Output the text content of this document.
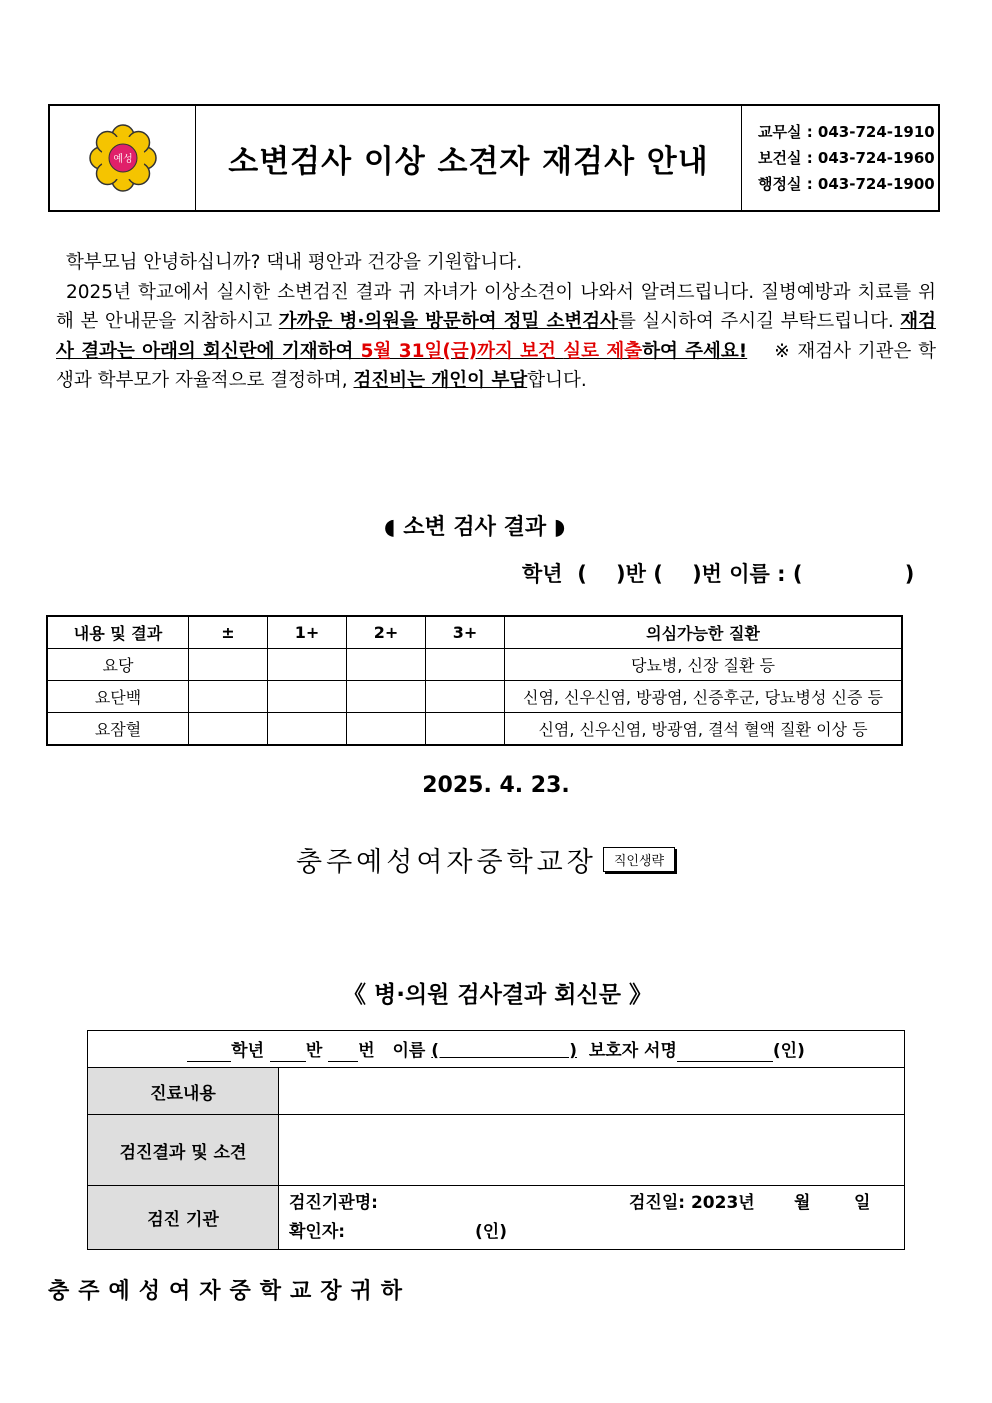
예성	소변검사 이상 소견자 재검사 안내
교무실 : 043-724-1910
보건실 : 043-724-1960
행정실 : 043-724-1900

학부모님 안녕하십니까? 댁내 평안과 건강을 기원합니다.

2025년 학교에서 실시한 소변검진 결과 귀 자녀가 이상소견이 나와서 알려드립니다. 질병예방과 치료를 위해 본 안내문을 지참하시고 가까운 병·의원을 방문하여 정밀 소변검사를 실시하여 주시길 부탁드립니다. 재검사 결과는 아래의 회신란에 기재하여 5월 31일(금)까지 보건 실로 제출하여 주세요! ※ 재검사 기관은 학생과 학부모가 자율적으로 결정하며, 검진비는 개인이 부담합니다.

◖ 소변 검사 결과 ◗
학년  (    )반 (    )번 이름 : (              )
내용 및 결과	±	1+	2+	3+	의심가능한 질환
요당					당뇨병, 신장 질환 등
요단백					신염, 신우신염, 방광염, 신증후군, 당뇨병성 신증 등
요잠혈					신염, 신우신염, 방광염, 결석 혈액 질환 이상 등
2025. 4. 23.
충주예성여자중학교장	직인생략
《 병·의원 검사결과 회신문 》
학년 반 번 이름 (                      ) 보호자 서명 (인)	
진료내용	
검진결과 및 소견	
검진 기관	검진기관명: 검진일: 2023년 월 일
확인자: (인)
충주예성여자중학교장귀하
